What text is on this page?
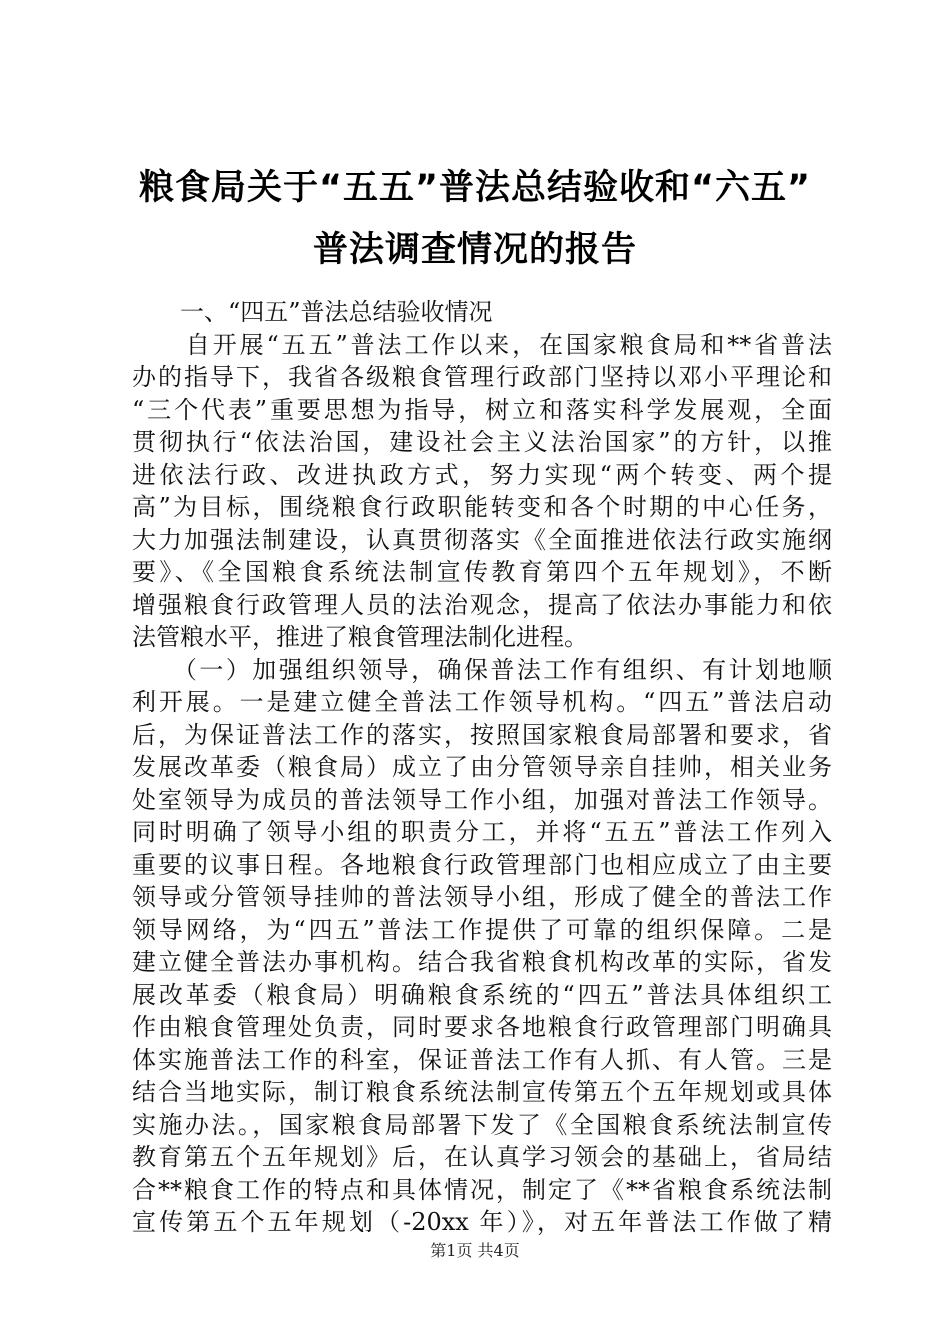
粮食局关于“五五”普法总结验收和“六五”
普法调查情况的报告
　　一、“四五”普法总结验收情况
　　自开展“五五”普法工作以来，在国家粮食局和**省普法
办的指导下，我省各级粮食管理行政部门坚持以邓小平理论和
“三个代表”重要思想为指导，树立和落实科学发展观，全面
贯彻执行“依法治国，建设社会主义法治国家”的方针，以推
进依法行政、改进执政方式，努力实现“两个转变、两个提
高”为目标，围绕粮食行政职能转变和各个时期的中心任务，
大力加强法制建设，认真贯彻落实《全面推进依法行政实施纲
要》、《全国粮食系统法制宣传教育第四个五年规划》，不断
增强粮食行政管理人员的法治观念，提高了依法办事能力和依
法管粮水平，推进了粮食管理法制化进程。
　　（一）加强组织领导，确保普法工作有组织、有计划地顺
利开展。一是建立健全普法工作领导机构。“四五”普法启动
后，为保证普法工作的落实，按照国家粮食局部署和要求，省
发展改革委（粮食局）成立了由分管领导亲自挂帅，相关业务
处室领导为成员的普法领导工作小组，加强对普法工作领导。
同时明确了领导小组的职责分工，并将“五五”普法工作列入
重要的议事日程。各地粮食行政管理部门也相应成立了由主要
领导或分管领导挂帅的普法领导小组，形成了健全的普法工作
领导网络，为“四五”普法工作提供了可靠的组织保障。二是
建立健全普法办事机构。结合我省粮食机构改革的实际，省发
展改革委（粮食局）明确粮食系统的“四五”普法具体组织工
作由粮食管理处负责，同时要求各地粮食行政管理部门明确具
体实施普法工作的科室，保证普法工作有人抓、有人管。三是
结合当地实际，制订粮食系统法制宣传第五个五年规划或具体
实施办法。，国家粮食局部署下发了《全国粮食系统法制宣传
教育第五个五年规划》后，在认真学习领会的基础上，省局结
合**粮食工作的特点和具体情况，制定了《**省粮食系统法制
宣传第五个五年规划（-20xx 年）》，对五年普法工作做了精
第1页 共4页
